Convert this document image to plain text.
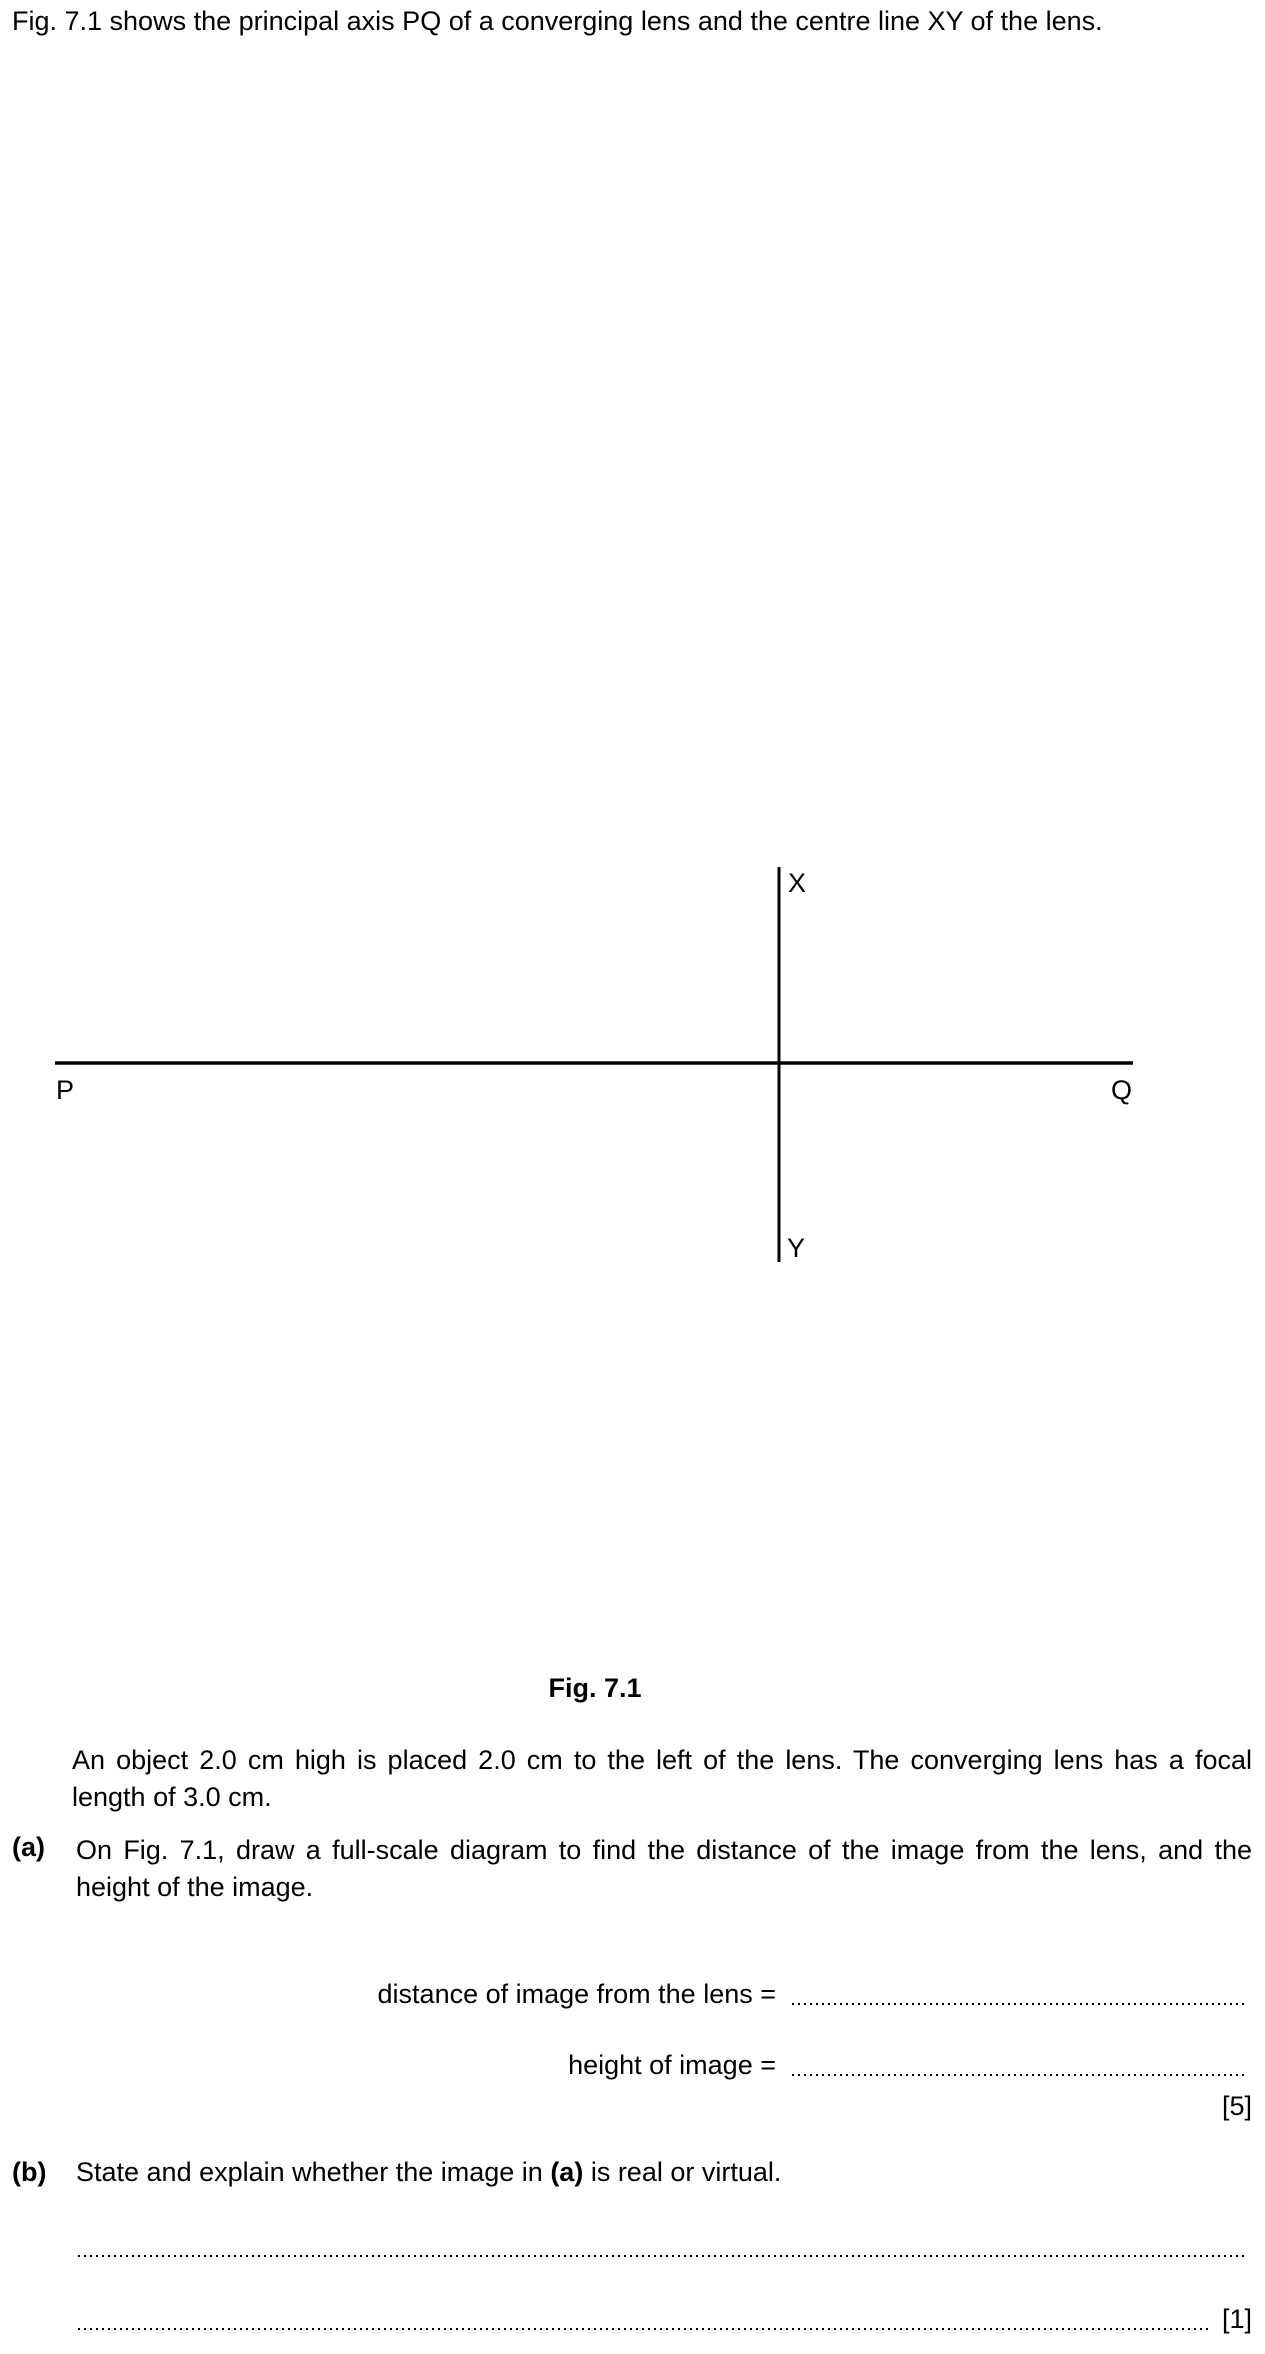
Fig. 7.1 shows the principal axis PQ of a converging lens and the centre line XY of the lens.
P	Q
X
Y
Fig. 7.1
An object 2.0 cm high is placed 2.0 cm to the left of the lens. The converging lens has a focal length of 3.0 cm.
(a) On Fig. 7.1, draw a full-scale diagram to find the distance of the image from the lens, and the height of the image.
distance of image from the lens =
height of image =
[5]
(b) State and explain whether the image in (a) is real or virtual.
[1]
